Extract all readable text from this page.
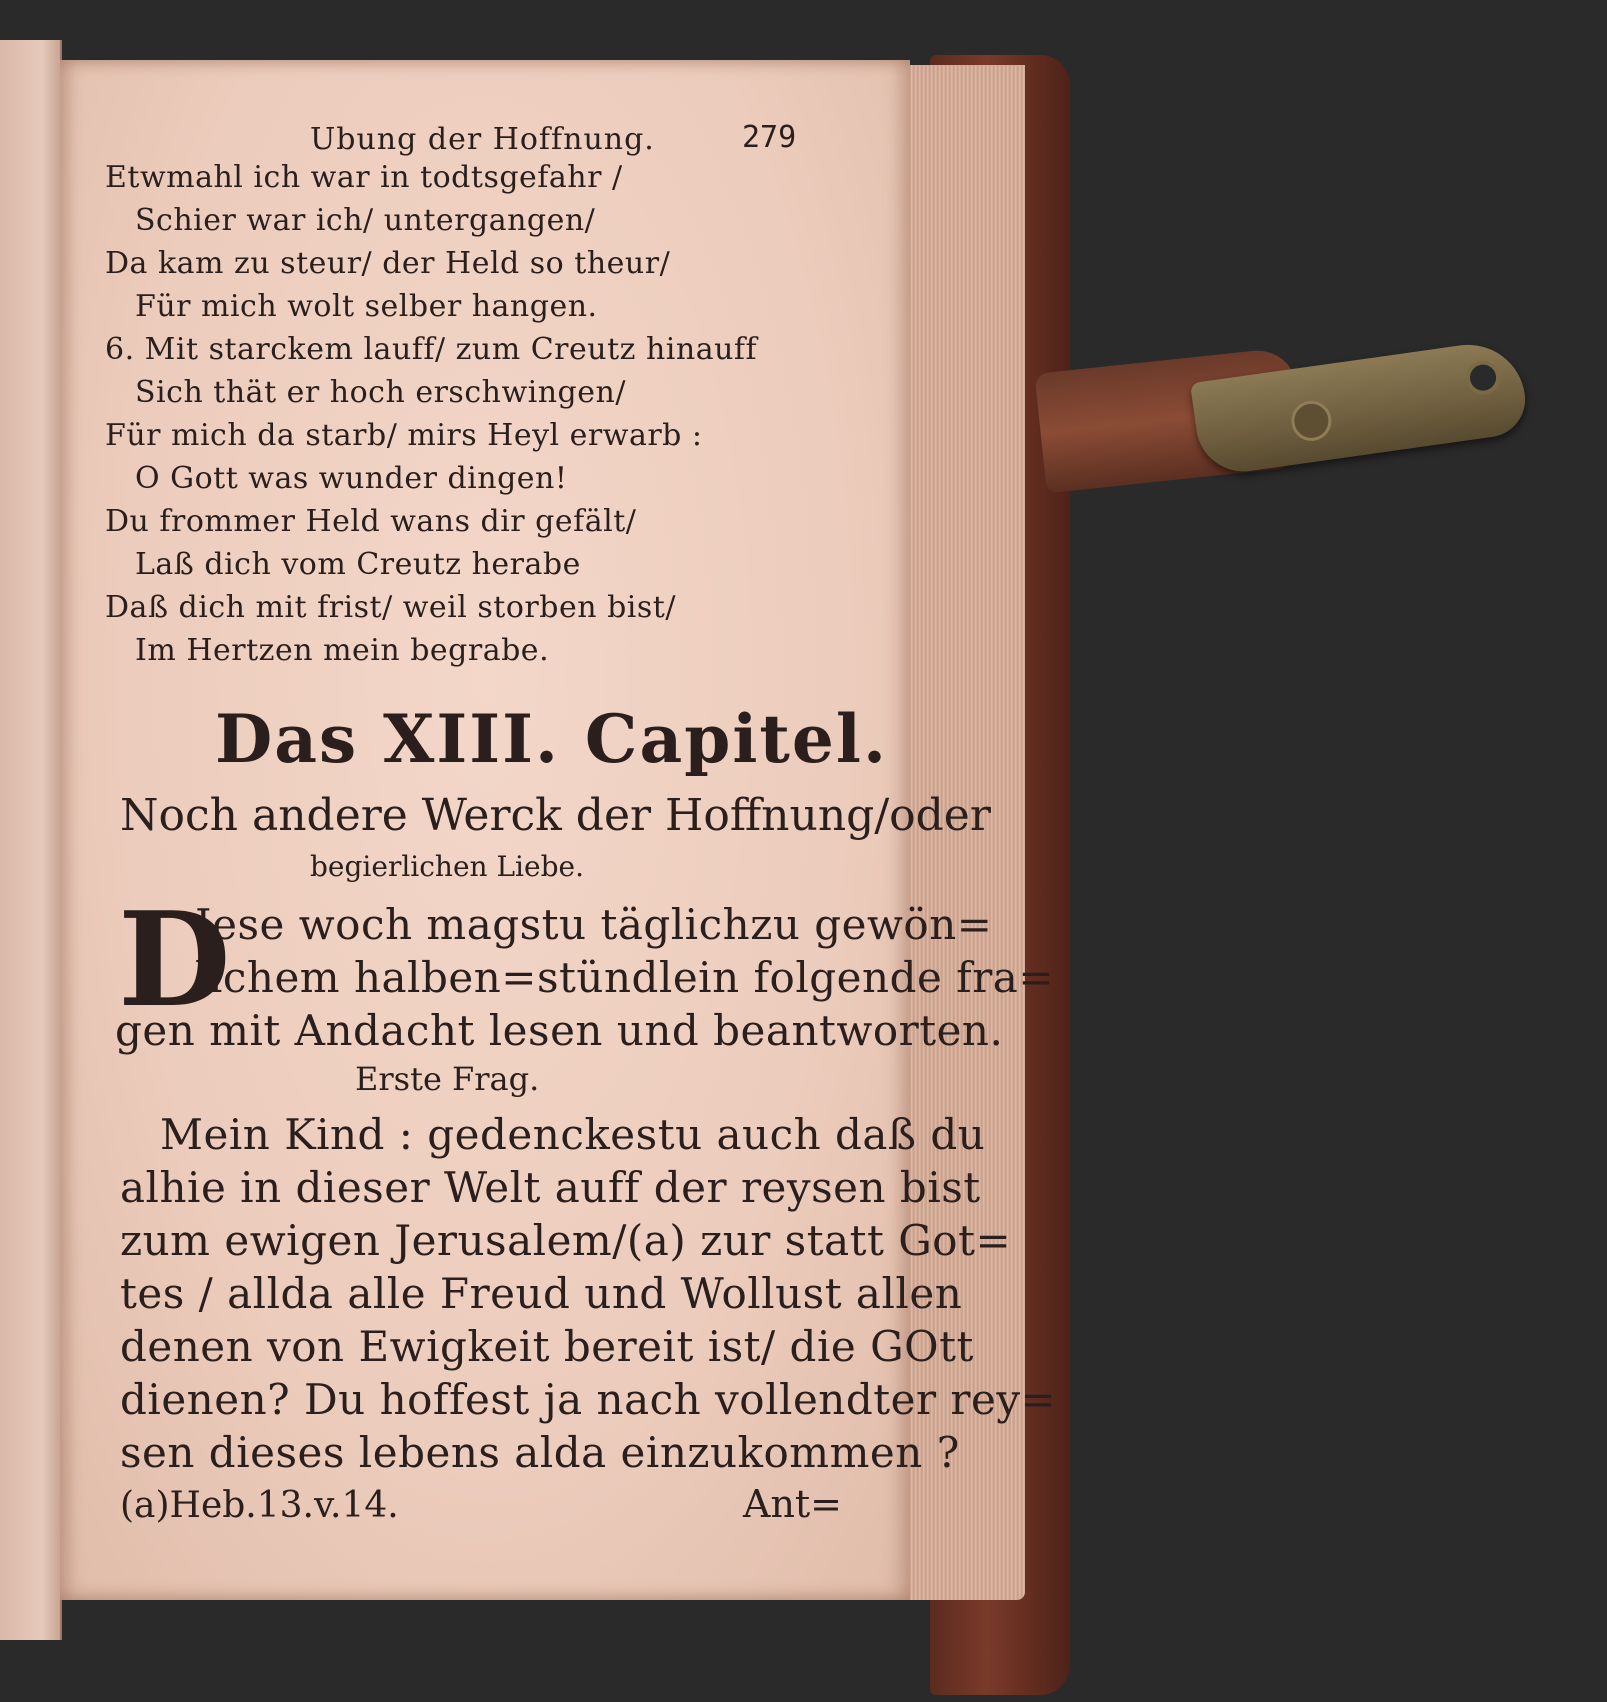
Ubung der Hoffnung.	279
Etwmahl ich war in todtsgefahr /
Schier war ich/ untergangen/
Da kam zu steur/ der Held so theur/
Für mich wolt selber hangen.
6. Mit starckem lauff/ zum Creutz hinauff
Sich thät er hoch erschwingen/
Für mich da starb/ mirs Heyl erwarb :
O Gott was wunder dingen!
Du frommer Held wans dir gefält/
Laß dich vom Creutz herabe
Daß dich mit frist/ weil storben bist/
Im Hertzen mein begrabe.
Das XIII. Capitel.
Noch andere Werck der Hoffnung/oder
begierlichen Liebe.
D
Iese woch magstu täglichzu gewön=
lichem halben=stündlein folgende fra=
gen mit Andacht lesen und beantworten.
Erste Frag.
Mein Kind : gedenckestu auch daß du
alhie in dieser Welt auff der reysen bist
zum ewigen Jerusalem/(a) zur statt Got=
tes / allda alle Freud und Wollust allen
denen von Ewigkeit bereit ist/ die GOtt
dienen? Du hoffest ja nach vollendter rey=
sen dieses lebens alda einzukommen ?
(a)Heb.13.v.14.	Ant=
